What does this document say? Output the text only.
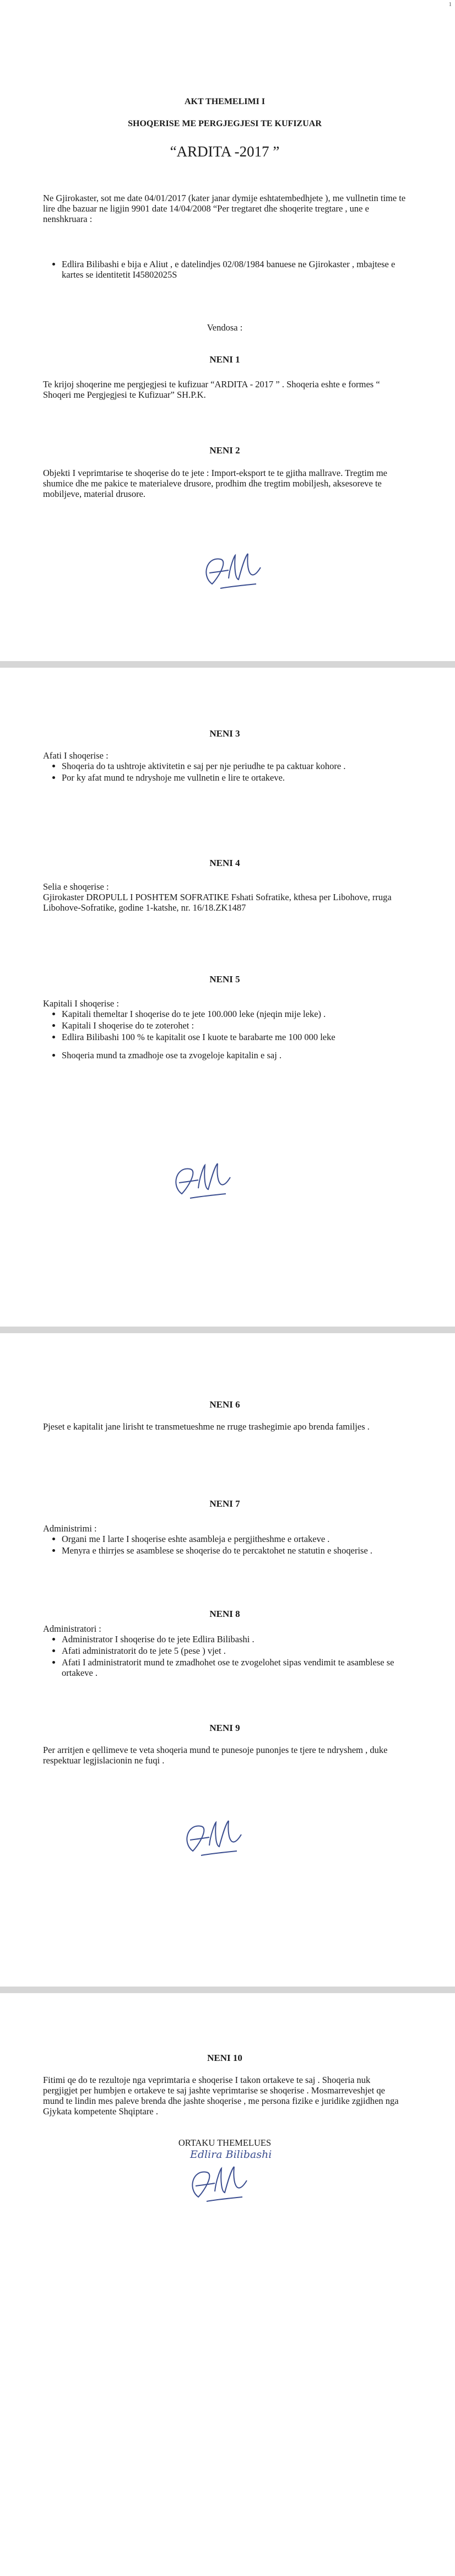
1
AKT THEMELIMI I
SHOQERISE ME PERGJEGJESI TE KUFIZUAR
“ARDITA -2017 ”
Ne Gjirokaster, sot me date 04/01/2017 (kater janar dymije eshtatembedhjete ), me vullnetin time te lire dhe bazuar ne ligjin 9901 date 14/04/2008 “Per tregtaret dhe shoqerite tregtare , une e nenshkruara :
• Edlira Bilibashi e bija e Aliut , e datelindjes 02/08/1984 banuese ne Gjirokaster , mbajtese e kartes se identitetit I45802025S
Vendosa :
NENI 1
Te krijoj shoqerine me pergjegjesi te kufizuar “ARDITA - 2017 ” . Shoqeria eshte e formes “ Shoqeri me Pergjegjesi te Kufizuar” SH.P.K.
NENI 2
Objekti I veprimtarise te shoqerise do te jete : Import-eksport te te gjitha mallrave. Tregtim me shumice dhe me pakice te materialeve drusore, prodhim dhe tregtim mobiljesh, aksesoreve te mobiljeve, material drusore.
NENI 3
Afati I shoqerise :
• Shoqeria do ta ushtroje aktivitetin e saj per nje periudhe te pa caktuar kohore .
• Por ky afat mund te ndryshoje me vullnetin e lire te ortakeve.
NENI 4
Selia e shoqerise :
Gjirokaster DROPULL I POSHTEM SOFRATIKE Fshati Sofratike, kthesa per Libohove, rruga Libohove-Sofratike, godine 1-katshe, nr. 16/18.ZK1487
NENI 5
Kapitali I shoqerise :
• Kapitali themeltar I shoqerise do te jete 100.000 leke (njeqin mije leke) .
• Kapitali I shoqerise do te zoterohet :
• Edlira Bilibashi 100 % te kapitalit ose I kuote te barabarte me 100 000 leke
• Shoqeria mund ta zmadhoje ose ta zvogeloje kapitalin e saj .
NENI 6
Pjeset e kapitalit jane lirisht te transmetueshme ne rruge trashegimie apo brenda familjes .
NENI 7
Administrimi :
• Organi me I larte I shoqerise eshte asambleja e pergjitheshme e ortakeve .
• Menyra e thirrjes se asamblese se shoqerise do te percaktohet ne statutin e shoqerise .
NENI 8
Administratori :
• Administrator I shoqerise do te jete Edlira Bilibashi .
• Afati administratorit do te jete 5 (pese ) vjet .
• Afati I administratorit mund te zmadhohet ose te zvogelohet sipas vendimit te asamblese se ortakeve .
NENI 9
Per arritjen e qellimeve te veta shoqeria mund te punesoje punonjes te tjere te ndryshem , duke respektuar legjislacionin ne fuqi .
NENI 10
Fitimi qe do te rezultoje nga veprimtaria e shoqerise I takon ortakeve te saj . Shoqeria nuk pergjigjet per humbjen e ortakeve te saj jashte veprimtarise se shoqerise . Mosmarreveshjet qe mund te lindin mes paleve brenda dhe jashte shoqerise , me persona fizike e juridike zgjidhen nga Gjykata kompetente Shqiptare .
ORTAKU THEMELUES
Edlira Bilibashi
